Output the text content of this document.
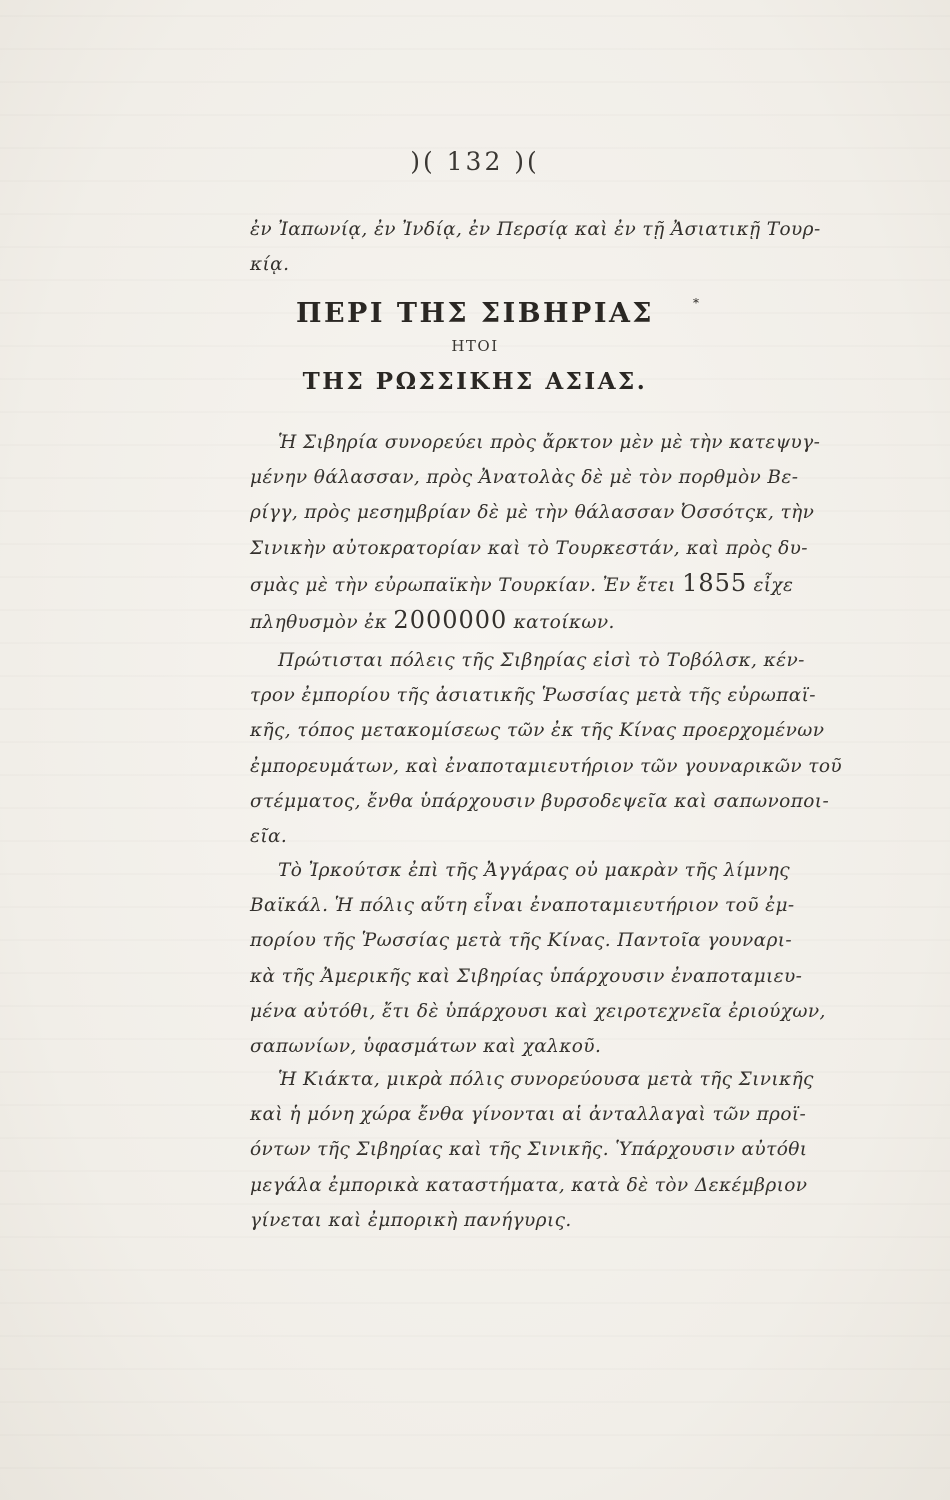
)( 132 )(
ἐν Ἰαπωνίᾳ, ἐν Ἰνδίᾳ, ἐν Περσίᾳ καὶ ἐν τῇ Ἀσιατικῇ Τουρ-
κίᾳ.
ΠΕΡΙ ΤΗΣ ΣΙΒΗΡΙΑΣ	*
ΗΤΟΙ
ΤΗΣ ΡΩΣΣΙΚΗΣ ΑΣΙΑΣ.
Ἡ Σιβηρία συνορεύει πρὸς ἄρκτον μὲν μὲ τὴν κατεψυγ-
μένην θάλασσαν, πρὸς Ἀνατολὰς δὲ μὲ τὸν πορθμὸν Βε-
ρίγγ, πρὸς μεσημβρίαν δὲ μὲ τὴν θάλασσαν Ὀσσότςκ, τὴν
Σινικὴν αὐτοκρατορίαν καὶ τὸ Τουρκεστάν, καὶ πρὸς δυ-
σμὰς μὲ τὴν εὐρωπαϊκὴν Τουρκίαν. Ἐν ἔτει 1855 εἶχε
πληθυσμὸν ἐκ 2000000 κατοίκων.
Πρώτισται πόλεις τῆς Σιβηρίας εἰσὶ τὸ Τοβόλσκ, κέν-
τρον ἐμπορίου τῆς ἀσιατικῆς Ῥωσσίας μετὰ τῆς εὐρωπαϊ-
κῆς, τόπος μετακομίσεως τῶν ἐκ τῆς Κίνας προερχομένων
ἐμπορευμάτων, καὶ ἐναποταμιευτήριον τῶν γουναρικῶν τοῦ
στέμματος, ἔνθα ὑπάρχουσιν βυρσοδεψεῖα καὶ σαπωνοποι-
εῖα.
Τὸ Ἰρκούτσκ ἐπὶ τῆς Ἀγγάρας οὐ μακρὰν τῆς λίμνης
Βαϊκάλ. Ἡ πόλις αὕτη εἶναι ἐναποταμιευτήριον τοῦ ἐμ-
πορίου τῆς Ῥωσσίας μετὰ τῆς Κίνας. Παντοῖα γουναρι-
κὰ τῆς Ἀμερικῆς καὶ Σιβηρίας ὑπάρχουσιν ἐναποταμιευ-
μένα αὐτόθι, ἔτι δὲ ὑπάρχουσι καὶ χειροτεχνεῖα ἐριούχων,
σαπωνίων, ὑφασμάτων καὶ χαλκοῦ.
Ἡ Κιάκτα, μικρὰ πόλις συνορεύουσα μετὰ τῆς Σινικῆς
καὶ ἡ μόνη χώρα ἔνθα γίνονται αἱ ἀνταλλαγαὶ τῶν προϊ-
όντων τῆς Σιβηρίας καὶ τῆς Σινικῆς. Ὑπάρχουσιν αὐτόθι
μεγάλα ἐμπορικὰ καταστήματα, κατὰ δὲ τὸν Δεκέμβριον
γίνεται καὶ ἐμπορικὴ πανήγυρις.
